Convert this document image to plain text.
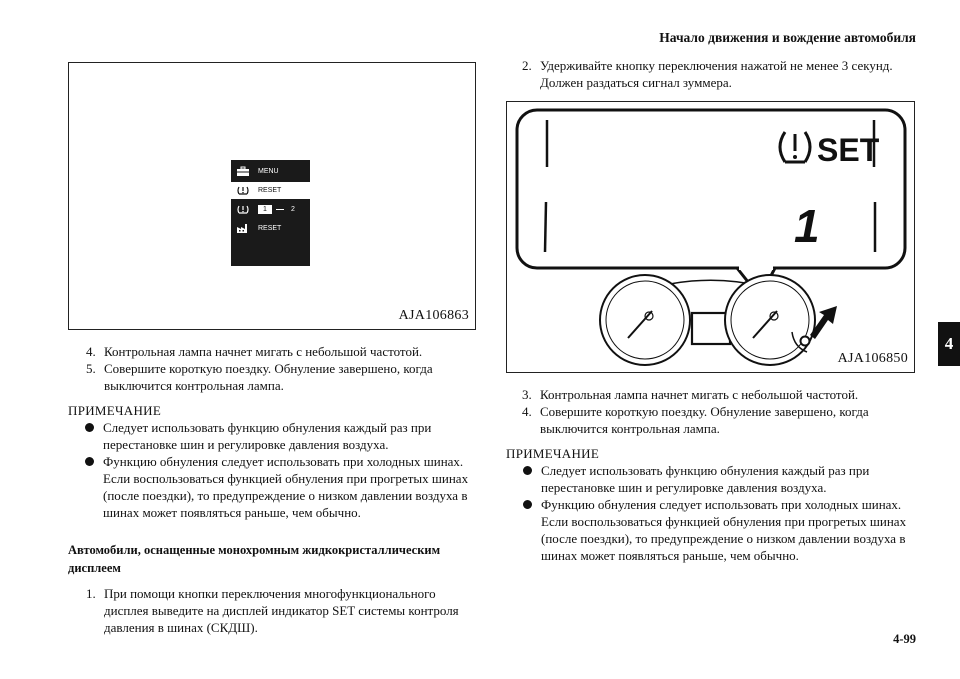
Начало движения и вождение автомобиля
4
4-99
MENU
RESET
1	2
RESET
AJA106863
4. Контрольная лампа начнет мигать с небольшой частотой.
5. Совершите короткую поездку. Обнуление завершено, когда выключится контрольная лампа.
ПРИМЕЧАНИЕ
Следует использовать функцию обнуления каждый раз при перестановке шин и регулировке давления воздуха.
Функцию обнуления следует использовать при холодных шинах. Если воспользоваться функцией обнуления при прогретых шинах (после поездки), то предупреждение о низком давлении воздуха в шинах может появляться раньше, чем обычно.
Автомобили, оснащенные монохромным жидкокристаллическим дисплеем
1. При помощи кнопки переключения многофункционального дисплея выведите на дисплей индикатор SET системы контроля давления в шинах (СКДШ).
2. Удерживайте кнопку переключения нажатой не менее 3 секунд. Должен раздаться сигнал зуммера.
SET
1
AJA106850
3. Контрольная лампа начнет мигать с небольшой частотой.
4. Совершите короткую поездку. Обнуление завершено, когда выключится контрольная лампа.
ПРИМЕЧАНИЕ
Следует использовать функцию обнуления каждый раз при перестановке шин и регулировке давления воздуха.
Функцию обнуления следует использовать при холодных шинах. Если воспользоваться функцией обнуления при прогретых шинах (после поездки), то предупреждение о низком давлении воздуха в шинах может появляться раньше, чем обычно.
